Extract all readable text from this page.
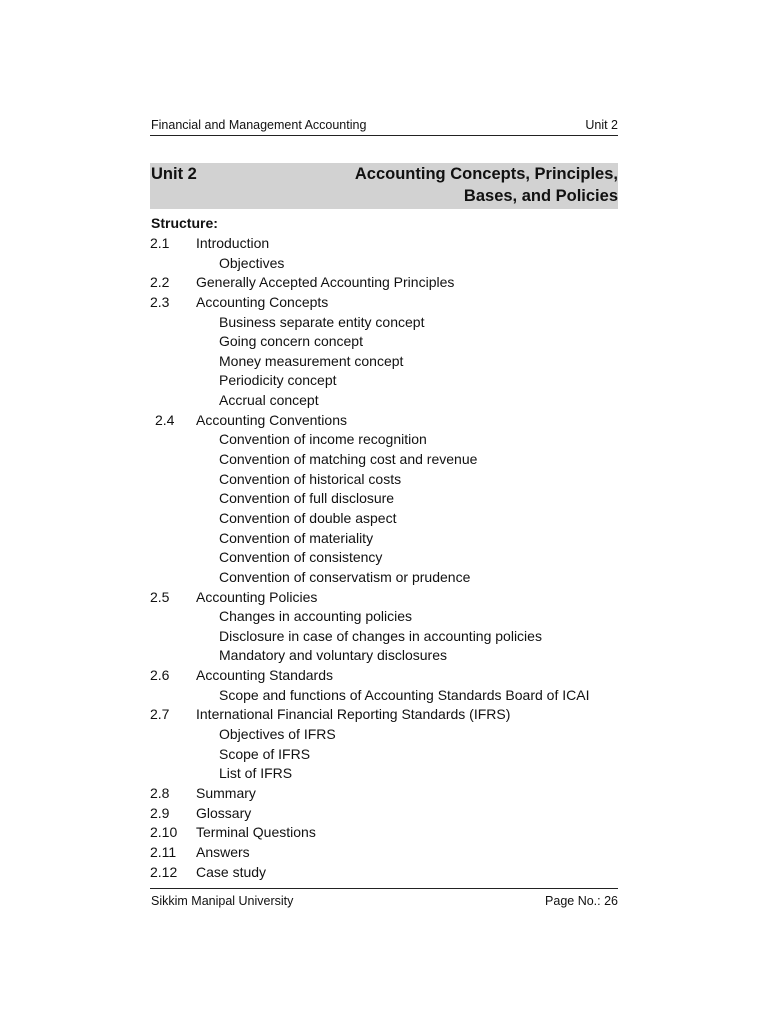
Financial and Management Accounting	Unit 2
Unit 2	Accounting Concepts, Principles,
Bases, and Policies
Structure:
2.1 Introduction
Objectives
2.2 Generally Accepted Accounting Principles
2.3 Accounting Concepts
Business separate entity concept
Going concern concept
Money measurement concept
Periodicity concept
Accrual concept
2.4 Accounting Conventions
Convention of income recognition
Convention of matching cost and revenue
Convention of historical costs
Convention of full disclosure
Convention of double aspect
Convention of materiality
Convention of consistency
Convention of conservatism or prudence
2.5 Accounting Policies
Changes in accounting policies
Disclosure in case of changes in accounting policies
Mandatory and voluntary disclosures
2.6 Accounting Standards
Scope and functions of Accounting Standards Board of ICAI
2.7 International Financial Reporting Standards (IFRS)
Objectives of IFRS
Scope of IFRS
List of IFRS
2.8 Summary
2.9 Glossary
2.10 Terminal Questions
2.11 Answers
2.12 Case study
Sikkim Manipal University	Page No.: 26
